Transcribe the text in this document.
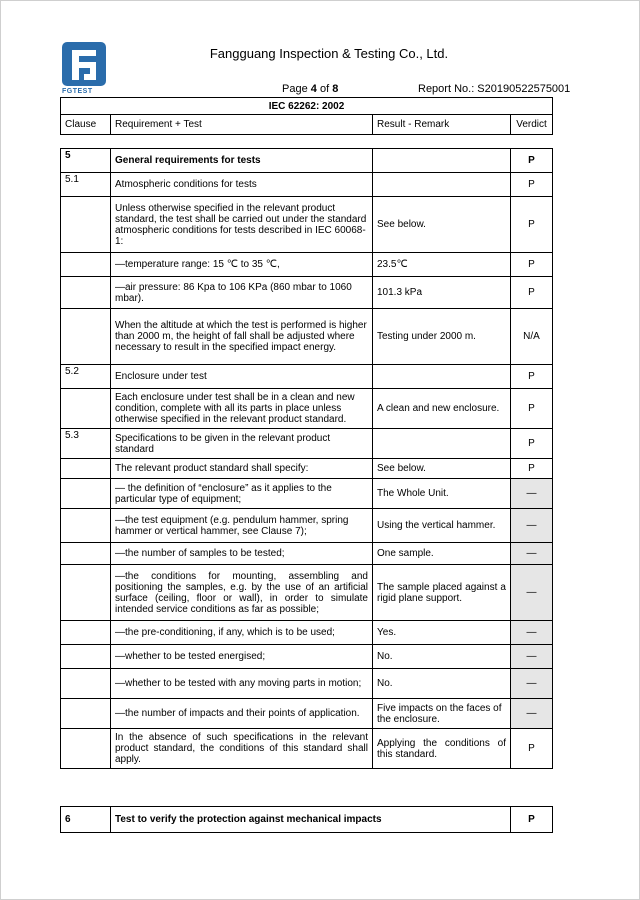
FGTEST
Fangguang Inspection & Testing Co., Ltd.
Page 4 of 8	Report No.: S20190522575001
IEC 62262: 2002
Clause	Requirement + Test	Result - Remark	Verdict
5	General requirements for tests		P
5.1	Atmospheric conditions for tests		P
	Unless otherwise specified in the relevant product standard, the test shall be carried out under the standard atmospheric conditions for tests described in IEC 60068-1:	See below.	P
	—temperature range: 15 ℃ to 35 ℃,	23.5℃	P
	—air pressure: 86 Kpa to 106 KPa (860 mbar to 1060 mbar).	101.3 kPa	P
	When the altitude at which the test is performed is higher than 2000 m, the height of fall shall be adjusted where necessary to result in the specified impact energy.	Testing under 2000 m.	N/A
5.2	Enclosure under test		P
	Each enclosure under test shall be in a clean and new condition, complete with all its parts in place unless otherwise specified in the relevant product standard.	A clean and new enclosure.	P
5.3	Specifications to be given in the relevant product standard		P
	The relevant product standard shall specify:	See below.	P
	— the definition of “enclosure” as it applies to the particular type of equipment;	The Whole Unit.	—
	—the test equipment (e.g. pendulum hammer, spring hammer or vertical hammer, see Clause 7);	Using the vertical hammer.	—
	—the number of samples to be tested;	One sample.	—
	—the conditions for mounting, assembling and positioning the samples, e.g. by the use of an artificial surface (ceiling, floor or wall), in order to simulate intended service conditions as far as possible;	The sample placed against a rigid plane support.	—
	—the pre-conditioning, if any, which is to be used;	Yes.	—
	—whether to be tested energised;	No.	—
	—whether to be tested with any moving parts in motion;	No.	—
	—the number of impacts and their points of application.	Five impacts on the faces of the enclosure.	—
	In the absence of such specifications in the relevant product standard, the conditions of this standard shall apply.	Applying the conditions of this standard.	P
6	Test to verify the protection against mechanical impacts	P
